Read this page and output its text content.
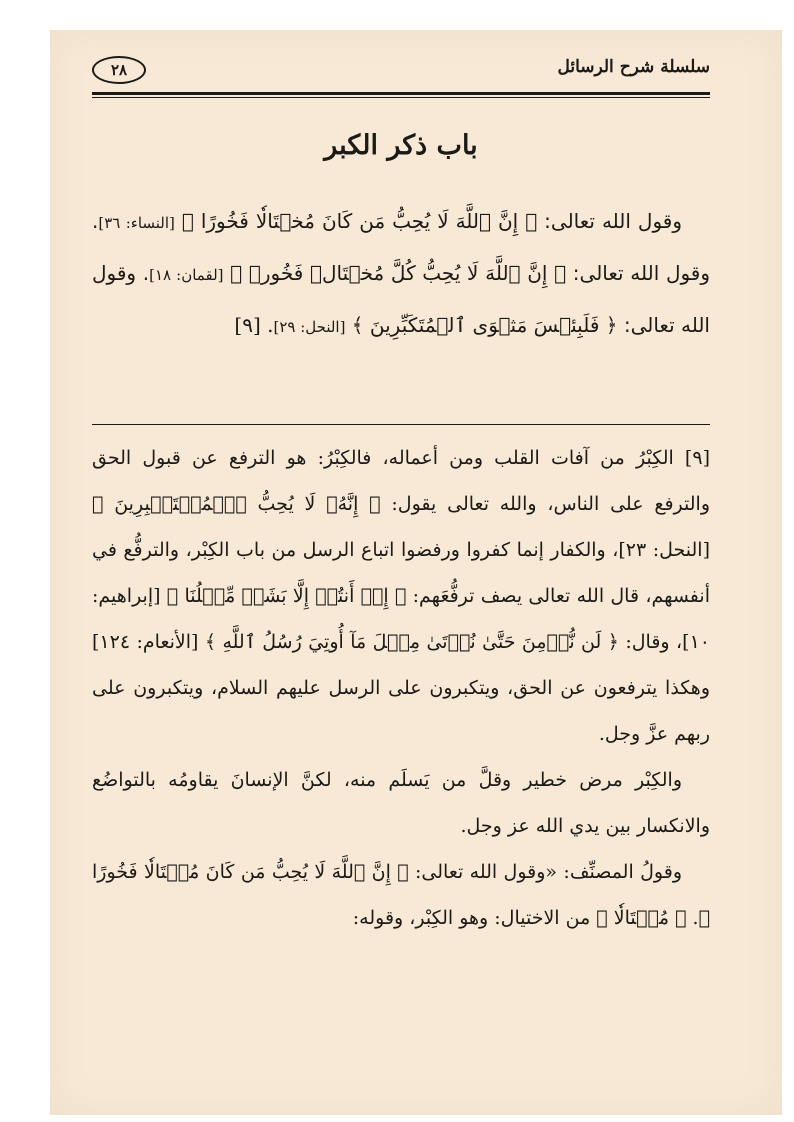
سلسلة شرح الرسائل
٢٨
باب ذكر الكبر

وقول الله تعالى: ﴿ إِنَّ ٱللَّهَ لَا يُحِبُّ مَن كَانَ مُخۡتَالٗا فَخُورًا ﴾ [النساء: ٣٦]. وقول الله تعالى: ﴿ إِنَّ ٱللَّهَ لَا يُحِبُّ كُلَّ مُخۡتَالٖ فَخُورٖ ﴾ [لقمان: ١٨]. وقول الله تعالى: ﴿ فَلَبِئۡسَ مَثۡوَى ٱلۡمُتَكَبِّرِينَ ﴾ [النحل: ٢٩]. [٩]

[٩] الكِبْرُ من آفات القلب ومن أعماله، فالكِبْرُ: هو الترفع عن قبول الحق والترفع على الناس، والله تعالى يقول: ﴿ إِنَّهُۥ لَا يُحِبُّ ٱلۡمُسۡتَكۡبِرِينَ ﴾ [النحل: ٢٣]، والكفار إنما كفروا ورفضوا اتباع الرسل من باب الكِبْر، والترفُّع في أنفسهم، قال الله تعالى يصف ترفُّعَهم: ﴿ إِنۡ أَنتُمۡ إِلَّا بَشَرٞ مِّثۡلُنَا ﴾ [إبراهيم: ١٠]، وقال: ﴿ لَن نُّؤۡمِنَ حَتَّىٰ نُؤۡتَىٰ مِثۡلَ مَآ أُوتِيَ رُسُلُ ٱللَّهِ ﴾ [الأنعام: ١٢٤] وهكذا يترفعون عن الحق، ويتكبرون على الرسل عليهم السلام، ويتكبرون على ربهم عزَّ وجل.

والكِبْر مرض خطير وقلَّ من يَسلَم منه، لكنَّ الإنسانَ يقاومُه بالتواضُع والانكسار بين يدي الله عز وجل.

وقولُ المصنِّف: «وقول الله تعالى: ﴿ إِنَّ ٱللَّهَ لَا يُحِبُّ مَن كَانَ مُخۡتَالٗا فَخُورًا ﴾. ﴿ مُخۡتَالٗا ﴾ من الاختيال: وهو الكِبْر، وقوله:
